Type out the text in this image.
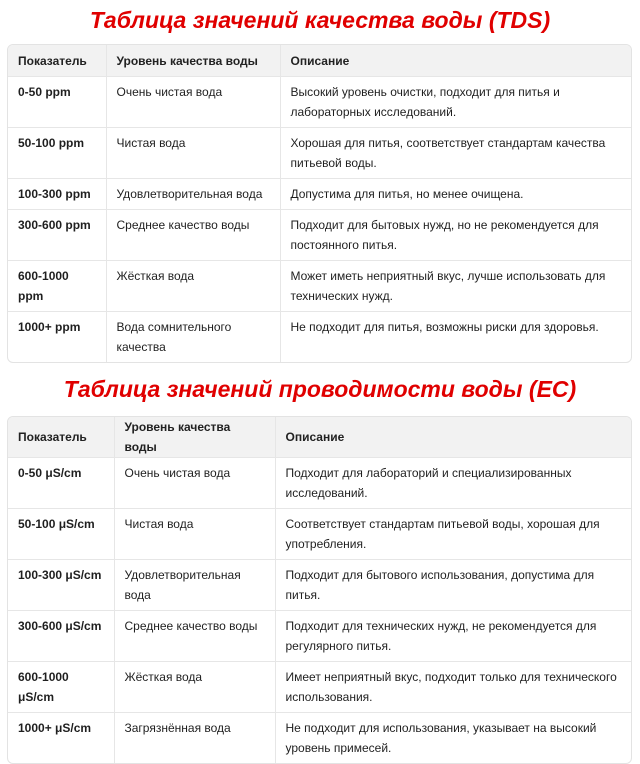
Таблица значений качества воды (TDS)
Показатель	Уровень качества воды	Описание
0-50 ppm	Очень чистая вода	Высокий уровень очистки, подходит для питья и лабораторных исследований.
50-100 ppm	Чистая вода	Хорошая для питья, соответствует стандартам качества питьевой воды.
100-300 ppm	Удовлетворительная вода	Допустима для питья, но менее очищена.
300-600 ppm	Среднее качество воды	Подходит для бытовых нужд, но не рекомендуется для постоянного питья.
600-1000 ppm	Жёсткая вода	Может иметь неприятный вкус, лучше использовать для технических нужд.
1000+ ppm	Вода сомнительного качества	Не подходит для питья, возможны риски для здоровья.
Таблица значений проводимости воды (EC)
Показатель	Уровень качества воды	Описание
0-50 μS/cm	Очень чистая вода	Подходит для лабораторий и специализированных исследований.
50-100 μS/cm	Чистая вода	Соответствует стандартам питьевой воды, хорошая для употребления.
100-300 μS/cm	Удовлетворительная вода	Подходит для бытового использования, допустима для питья.
300-600 μS/cm	Среднее качество воды	Подходит для технических нужд, не рекомендуется для регулярного питья.
600-1000 μS/cm	Жёсткая вода	Имеет неприятный вкус, подходит только для технического использования.
1000+ μS/cm	Загрязнённая вода	Не подходит для использования, указывает на высокий уровень примесей.
